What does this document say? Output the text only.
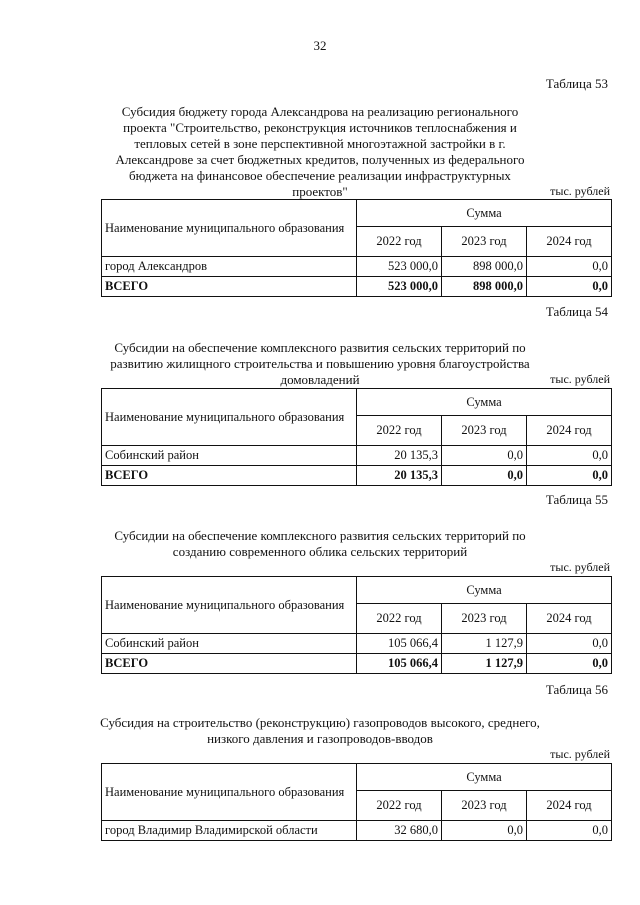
32
Таблица 53
Субсидия бюджету города Александрова на реализацию регионального проекта "Строительство, реконструкция источников теплоснабжения и тепловых сетей в зоне перспективной многоэтажной застройки в г. Александрове за счет бюджетных кредитов, полученных из федерального бюджета на финансовое обеспечение реализации инфраструктурных проектов"	тыс. рублей
Наименование муниципального образования	Сумма		
	2022 год	2023 год	2024 год
город Александров	523 000,0	898 000,0	0,0
ВСЕГО	523 000,0	898 000,0	0,0
Таблица 54
Субсидии на обеспечение комплексного развития сельских территорий по развитию жилищного строительства и повышению уровня благоустройства домовладений	тыс. рублей
Наименование муниципального образования	Сумма		
	2022 год	2023 год	2024 год
Собинский район	20 135,3	0,0	0,0
ВСЕГО	20 135,3	0,0	0,0
Таблица 55
Субсидии на обеспечение комплексного развития сельских территорий по созданию современного облика сельских территорий
тыс. рублей
Наименование муниципального образования	Сумма		
	2022 год	2023 год	2024 год
Собинский район	105 066,4	1 127,9	0,0
ВСЕГО	105 066,4	1 127,9	0,0
Таблица 56
Субсидия на строительство (реконструкцию) газопроводов высокого, среднего, низкого давления и газопроводов-вводов
тыс. рублей
Наименование муниципального образования	Сумма		
	2022 год	2023 год	2024 год
город Владимир Владимирской области	32 680,0	0,0	0,0
